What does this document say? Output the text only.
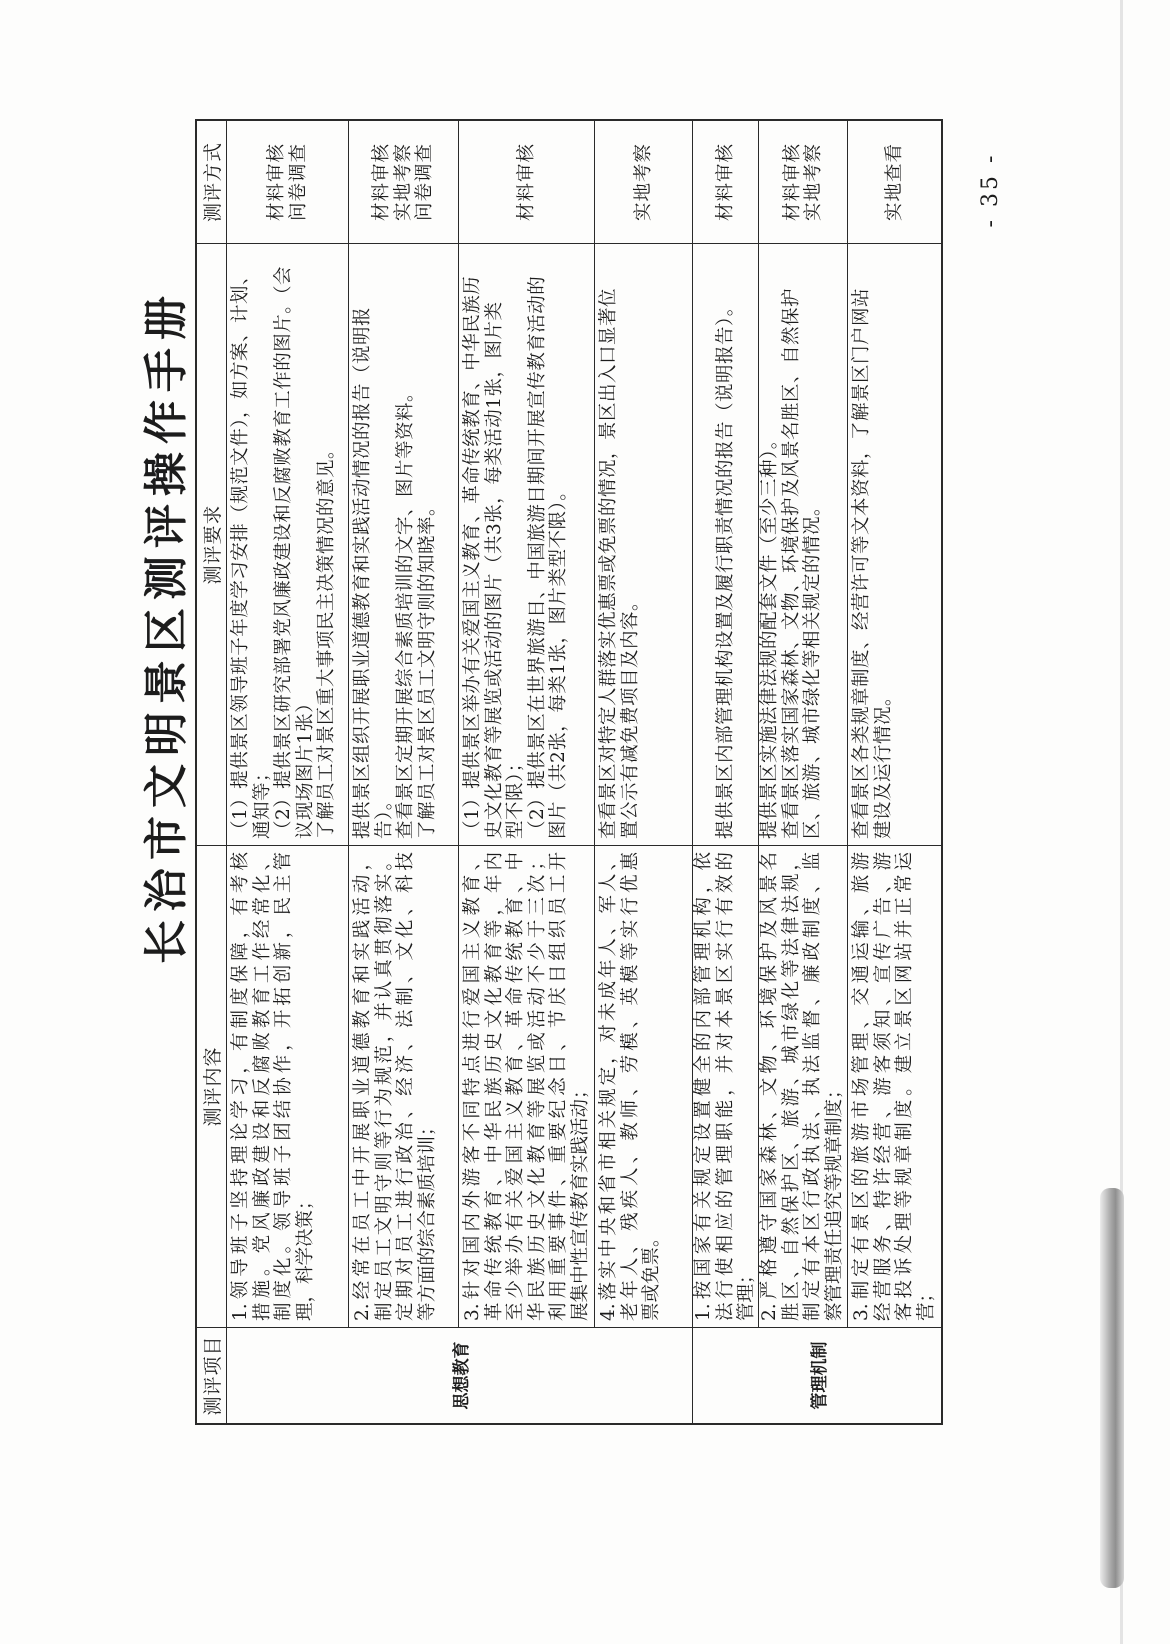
长治市文明景区测评操作手册
测评项目
测评内容
测评要求
测评方式
思想教育
1.领导班子坚持理论学习，有制度保障，有考核 措施。党风廉政建设和反腐败教育工作经常化、 制度化。领导班子团结协作，开拓创新，民主管 理，科学决策；
（1）提供景区领导班子年度学习安排（规范文件），如方案、计划、 通知等； （2）提供景区研究部署党风廉政建设和反腐败教育工作的图片。（会 议现场图片1张） 了解员工对景区重大事项民主决策情况的意见。
材料审核 问卷调查
2.经常在员工中开展职业道德教育和实践活动， 制定员工文明守则等行为规范，并认真贯彻落实。 定期对员工进行政治、经济、法制、文化、科技 等方面的综合素质培训；
提供景区组织开展职业道德教育和实践活动情况的报告（说明报 告）。 查看景区定期开展综合素质培训的文字、图片等资料。 了解员工对景区员工文明守则的知晓率。
材料审核 实地考察 问卷调查
3.针对国内外游客不同特点进行爱国主义教育、 革命传统教育、中华民族历史文化教育等，年内 至少举办有关爱国主义教育、革命传统教育、中 华民族历史文化教育等展览或活动不少于三次； 利用重要事件、重要纪念日、节庆日组织员工开 展集中性宣传教育实践活动；
（1）提供景区举办有关爱国主义教育、革命传统教育、中华民族历 史文化教育等展览或活动的图片（共3张，每类活动1张，图片类 型不限）； （2）提供景区在世界旅游日、中国旅游日期间开展宣传教育活动的 图片（共2张，每类1张，图片类型不限）。
材料审核
4.落实中央和省市相关规定，对未成年人、军人、 老年人、残疾人、教师、劳模、英模等实行优惠 票或免票。
查看景区对特定人群落实优惠票或免票的情况，景区出入口显著位 置公示有减免费项目及内容。
实地考察
管理机制
1.按国家有关规定设置健全的内部管理机构，依 法行使相应的管理职能，并对本景区实行有效的 管理；
提供景区内部管理机构设置及履行职责情况的报告（说明报告）。
材料审核
2.严格遵守国家森林、文物、环境保护及风景名 胜区、自然保护区、旅游、城市绿化等法律法规， 制定有本区行政执法、执法监督、廉政制度、监 察管理责任追究等规章制度；
提供景区实施法律法规的配套文件（至少三种）。 查看景区落实国家森林、文物、环境保护及风景名胜区、自然保护 区、旅游、城市绿化等相关规定的情况。
材料审核 实地考察
3.制定有景区的旅游市场管理、交通运输、旅游 经营服务、特许经营、游客须知、宣传广告、游 客投诉处理等规章制度。建立景区网站并正常运 营；
查看景区各类规章制度、经营许可等文本资料，了解景区门户网站 建设及运行情况。
实地查看	- 35 -
